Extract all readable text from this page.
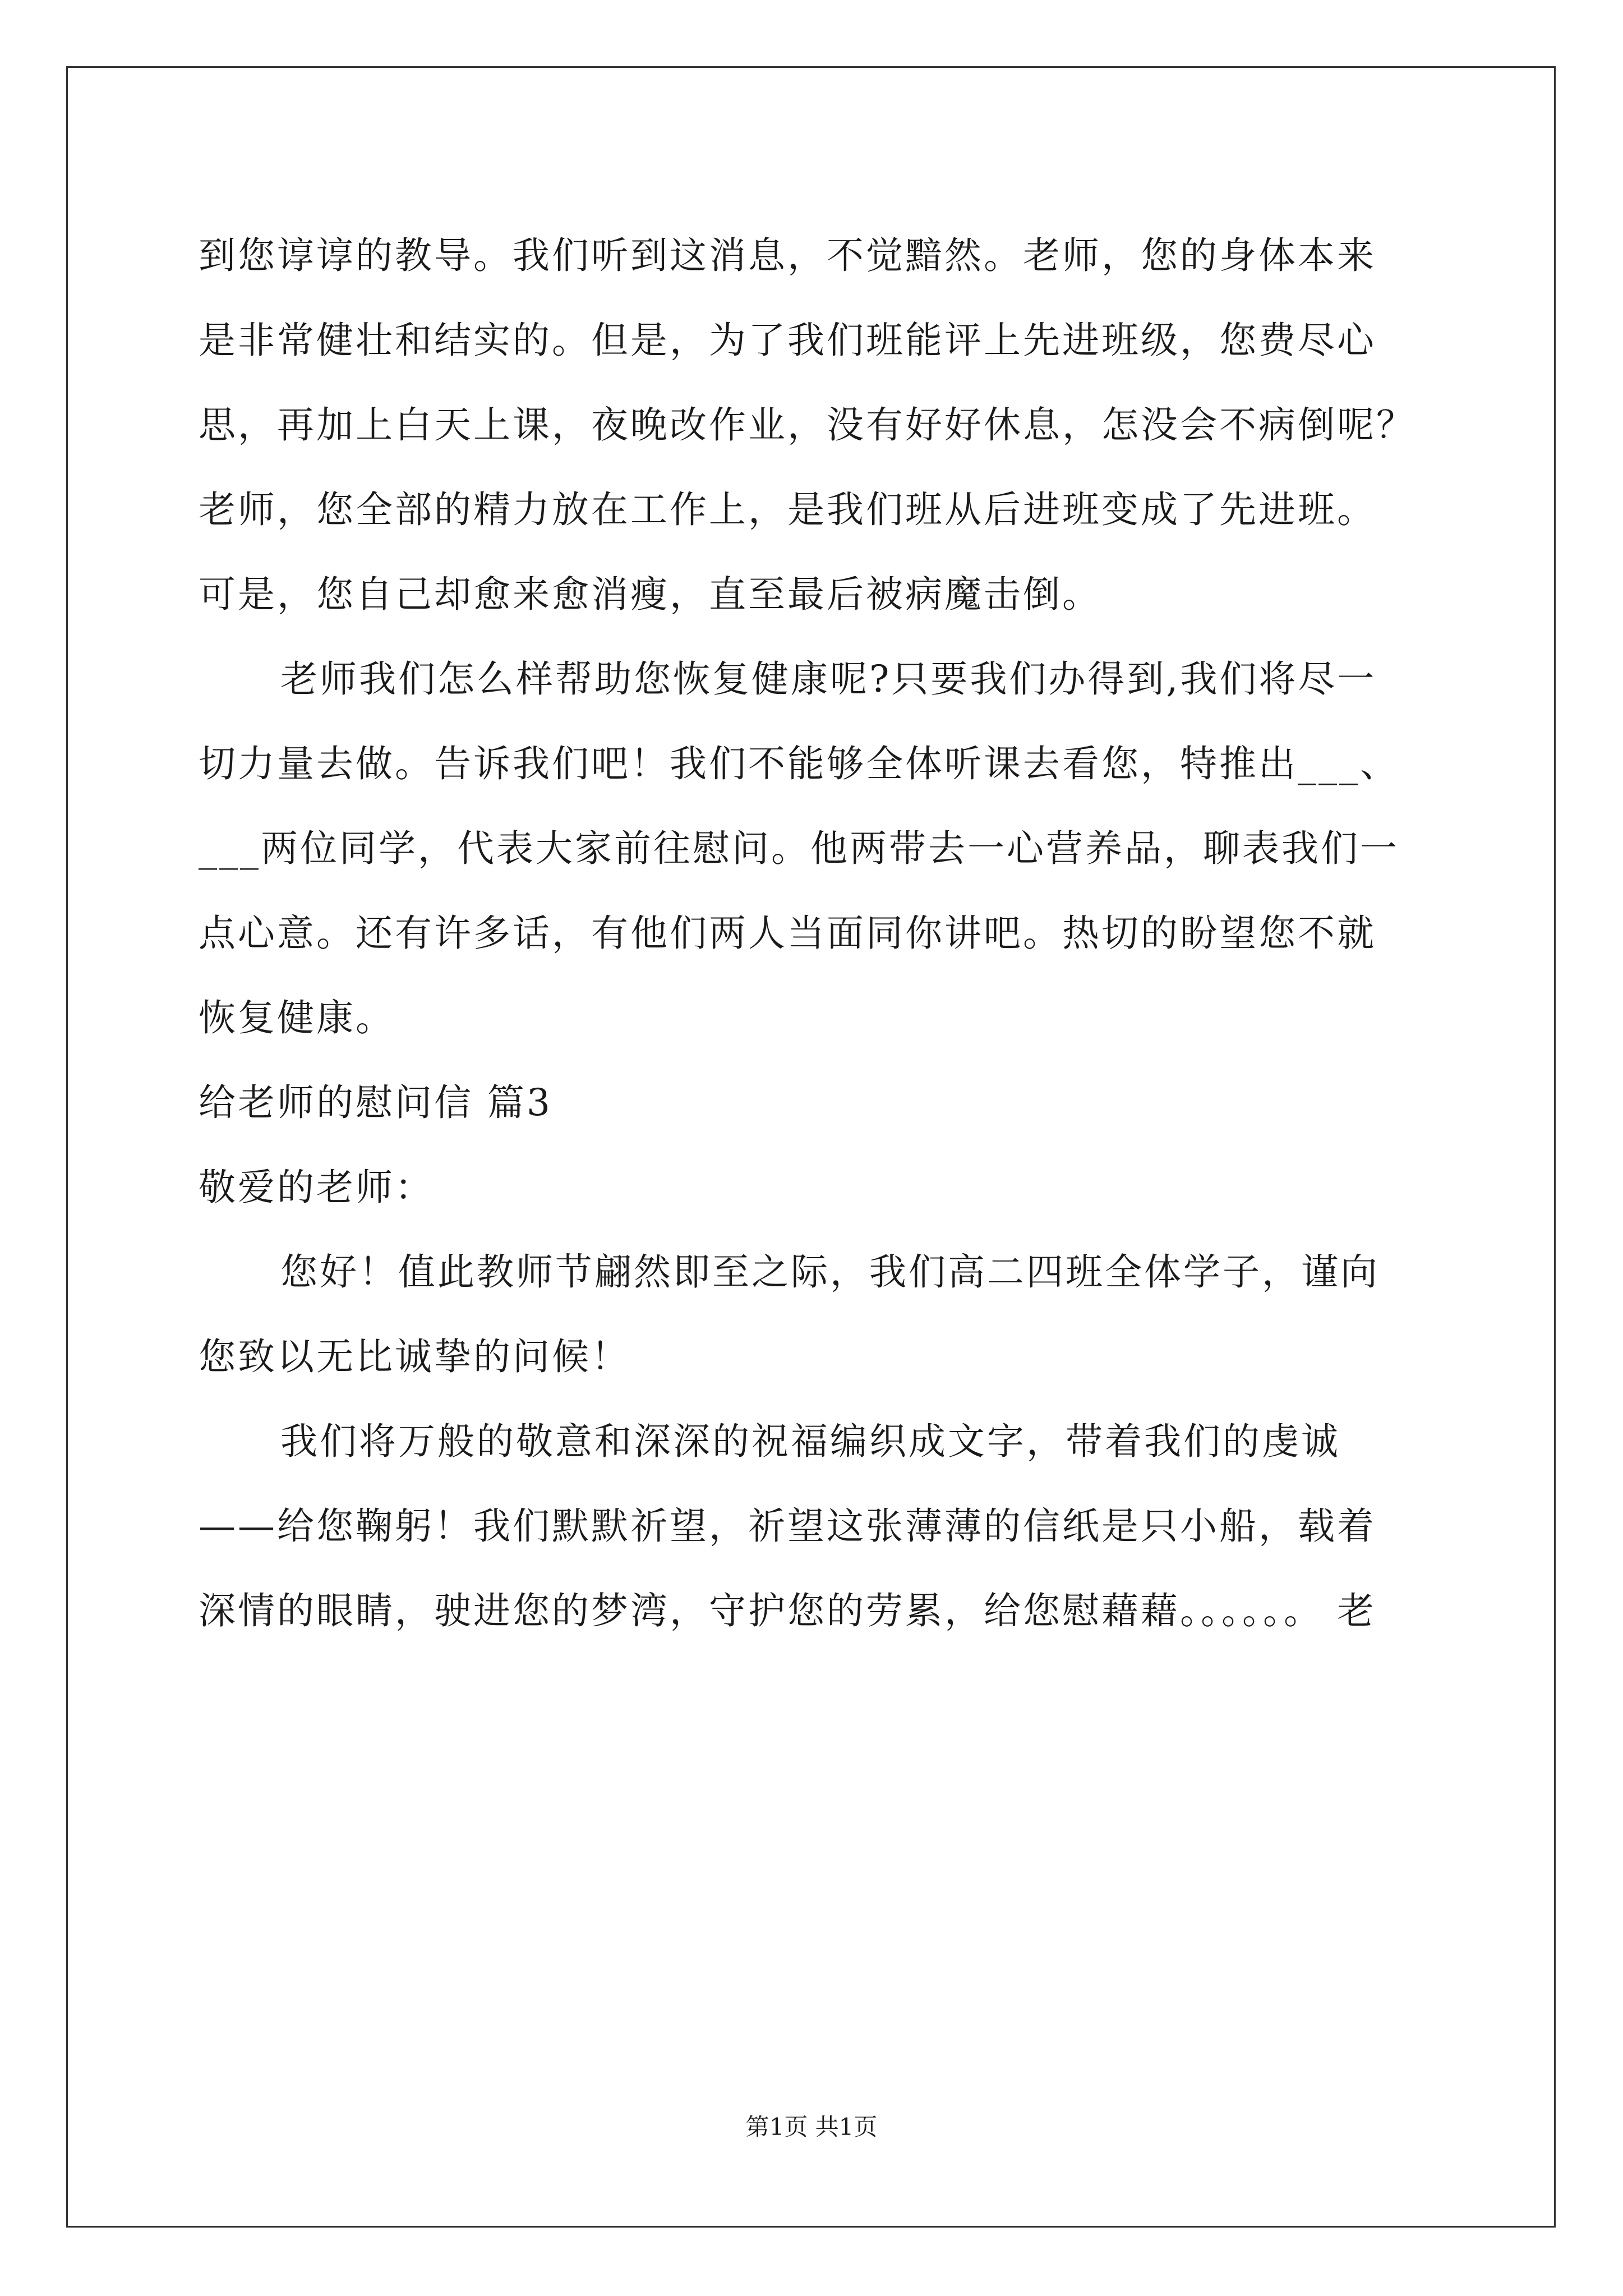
到您谆谆的教导。我们听到这消息，不觉黯然。老师，您的身体本来
是非常健壮和结实的。但是，为了我们班能评上先进班级，您费尽心
思，再加上白天上课，夜晚改作业，没有好好休息，怎没会不病倒呢？
老师，您全部的精力放在工作上，是我们班从后进班变成了先进班。
可是，您自己却愈来愈消瘦，直至最后被病魔击倒。
老师我们怎么样帮助您恢复健康呢?只要我们办得到,我们将尽一
切力量去做。告诉我们吧！我们不能够全体听课去看您，特推出___、
___两位同学，代表大家前往慰问。他两带去一心营养品，聊表我们一
点心意。还有许多话，有他们两人当面同你讲吧。热切的盼望您不就
恢复健康。
给老师的慰问信 篇3
敬爱的老师：
您好！值此教师节翩然即至之际，我们高二四班全体学子，谨向
您致以无比诚挚的问候！
我们将万般的敬意和深深的祝福编织成文字，带着我们的虔诚
——给您鞠躬！我们默默祈望，祈望这张薄薄的信纸是只小船，载着
深情的眼睛，驶进您的梦湾，守护您的劳累，给您慰藉藉。。。。。。 老
第1页 共1页
